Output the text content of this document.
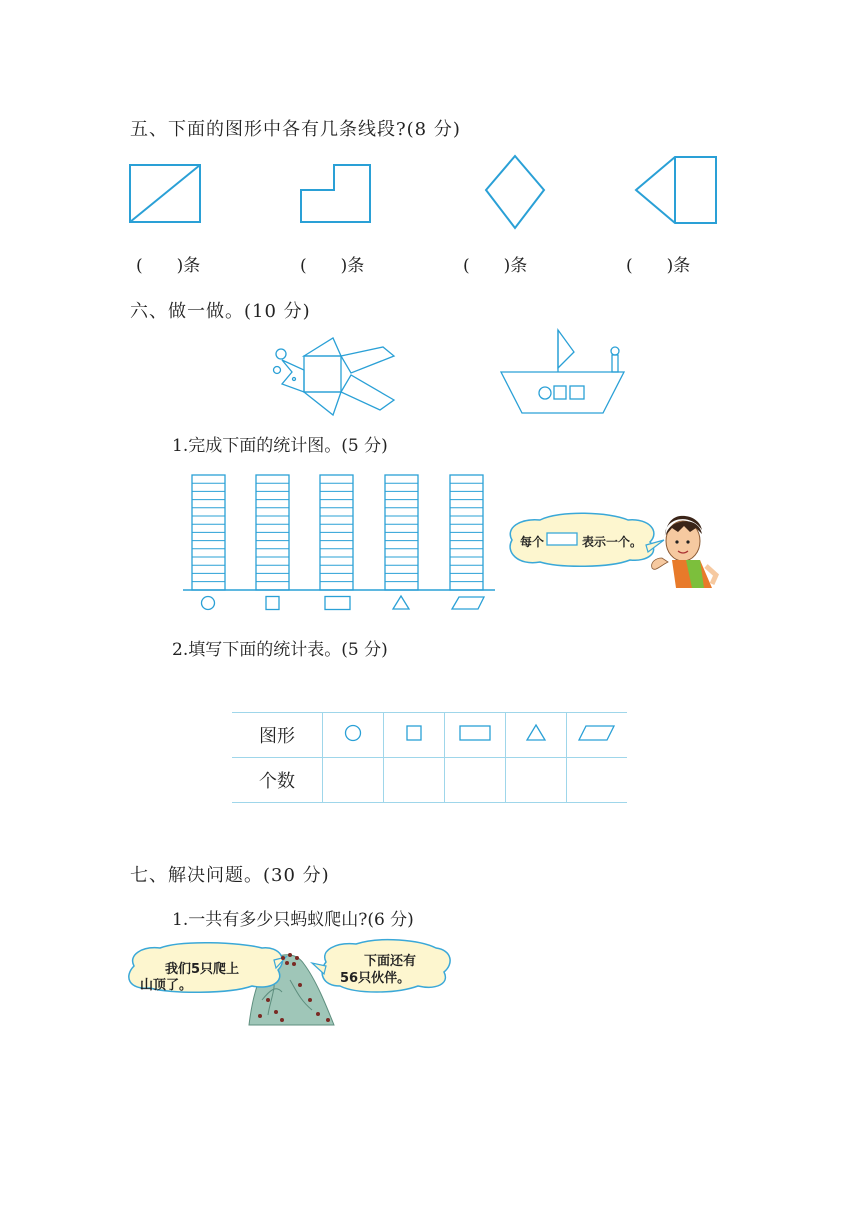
五、下面的图形中各有几条线段?(8 分)
(　　)条	(　　)条	(　　)条	(　　)条
六、做一做。(10 分)
1.完成下面的统计图。(5 分)
每个	表示一个。
2.填写下面的统计表。(5 分)
图形					
个数					
七、解决问题。(30 分)
1.一共有多少只蚂蚁爬山?(6 分)
我们5只爬上
山顶了。
下面还有
56只伙伴。
